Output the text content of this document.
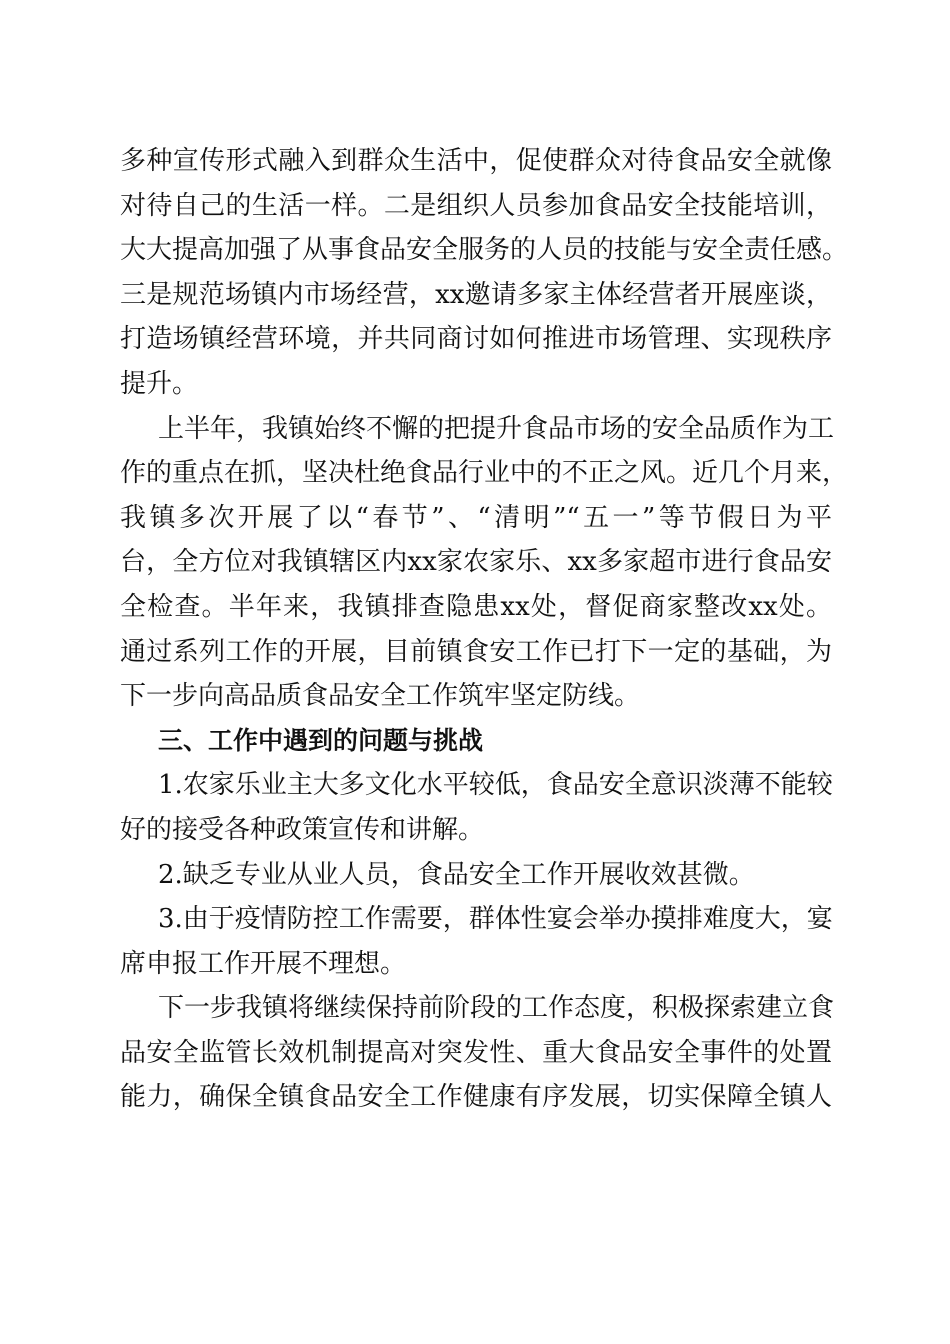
多种宣传形式融入到群众生活中，促使群众对待食品安全就像
对待自己的生活一样。二是组织人员参加食品安全技能培训，
大大提高加强了从事食品安全服务的人员的技能与安全责任感。
三是规范场镇内市场经营，xx邀请多家主体经营者开展座谈，
打造场镇经营环境，并共同商讨如何推进市场管理、实现秩序
提升。
上半年，我镇始终不懈的把提升食品市场的安全品质作为工
作的重点在抓，坚决杜绝食品行业中的不正之风。近几个月来，
我镇多次开展了以“春节”、“清明”“五一”等节假日为平
台，全方位对我镇辖区内xx家农家乐、xx多家超市进行食品安
全检查。半年来，我镇排查隐患xx处，督促商家整改xx处。
通过系列工作的开展，目前镇食安工作已打下一定的基础，为
下一步向高品质食品安全工作筑牢坚定防线。
三、工作中遇到的问题与挑战
1.农家乐业主大多文化水平较低，食品安全意识淡薄不能较
好的接受各种政策宣传和讲解。
2.缺乏专业从业人员，食品安全工作开展收效甚微。
3.由于疫情防控工作需要，群体性宴会举办摸排难度大，宴
席申报工作开展不理想。
下一步我镇将继续保持前阶段的工作态度，积极探索建立食
品安全监管长效机制提高对突发性、重大食品安全事件的处置
能力，确保全镇食品安全工作健康有序发展，切实保障全镇人
